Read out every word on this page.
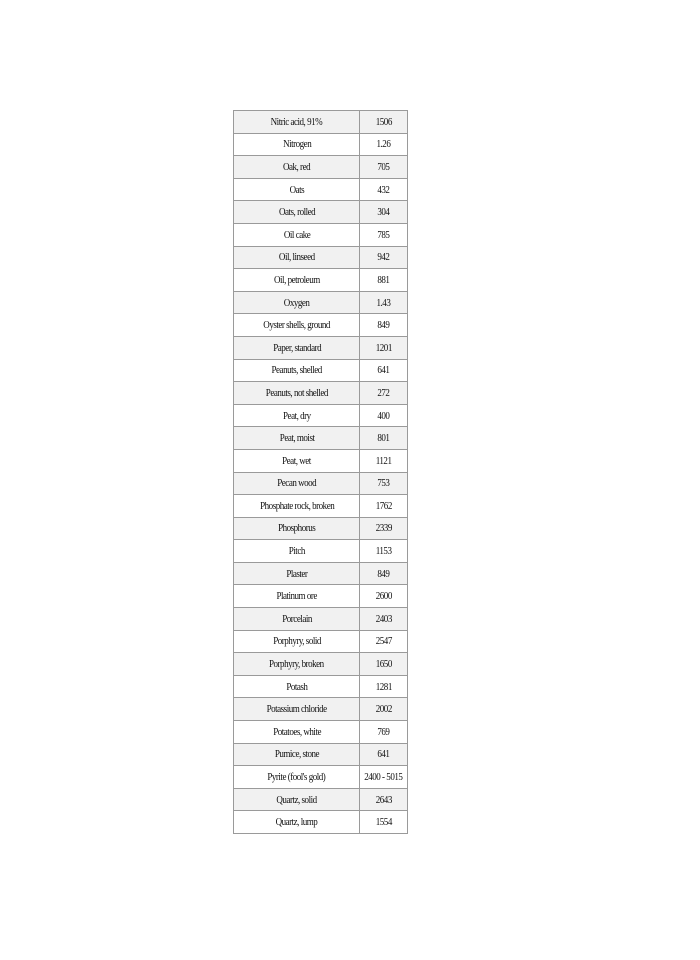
Nitric acid, 91%	1506
Nitrogen	1.26
Oak, red	705
Oats	432
Oats, rolled	304
Oil cake	785
Oil, linseed	942
Oil, petroleum	881
Oxygen	1.43
Oyster shells, ground	849
Paper, standard	1201
Peanuts, shelled	641
Peanuts, not shelled	272
Peat, dry	400
Peat, moist	801
Peat, wet	1121
Pecan wood	753
Phosphate rock, broken	1762
Phosphorus	2339
Pitch	1153
Plaster	849
Platinum ore	2600
Porcelain	2403
Porphyry, solid	2547
Porphyry, broken	1650
Potash	1281
Potassium chloride	2002
Potatoes, white	769
Pumice, stone	641
Pyrite (fool's gold)	2400 - 5015
Quartz, solid	2643
Quartz, lump	1554
